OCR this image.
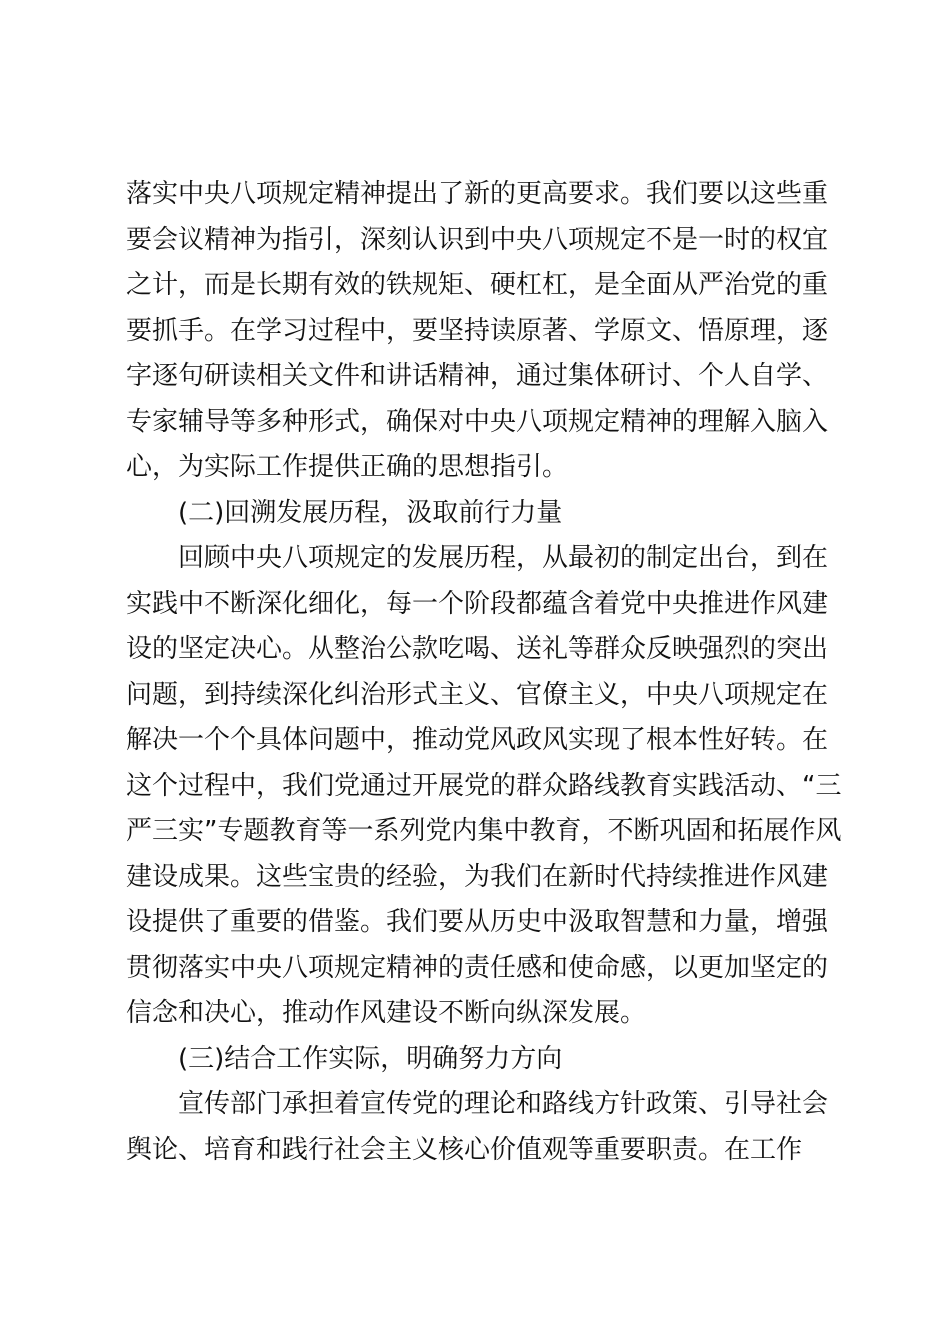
落实中央八项规定精神提出了新的更高要求。我们要以这些重
要会议精神为指引，深刻认识到中央八项规定不是一时的权宜
之计，而是长期有效的铁规矩、硬杠杠，是全面从严治党的重
要抓手。在学习过程中，要坚持读原著、学原文、悟原理，逐
字逐句研读相关文件和讲话精神，通过集体研讨、个人自学、
专家辅导等多种形式，确保对中央八项规定精神的理解入脑入
心，为实际工作提供正确的思想指引。
(二)回溯发展历程，汲取前行力量
回顾中央八项规定的发展历程，从最初的制定出台，到在
实践中不断深化细化，每一个阶段都蕴含着党中央推进作风建
设的坚定决心。从整治公款吃喝、送礼等群众反映强烈的突出
问题，到持续深化纠治形式主义、官僚主义，中央八项规定在
解决一个个具体问题中，推动党风政风实现了根本性好转。在
这个过程中，我们党通过开展党的群众路线教育实践活动、“三
严三实”专题教育等一系列党内集中教育，不断巩固和拓展作风
建设成果。这些宝贵的经验，为我们在新时代持续推进作风建
设提供了重要的借鉴。我们要从历史中汲取智慧和力量，增强
贯彻落实中央八项规定精神的责任感和使命感，以更加坚定的
信念和决心，推动作风建设不断向纵深发展。
(三)结合工作实际，明确努力方向
宣传部门承担着宣传党的理论和路线方针政策、引导社会
舆论、培育和践行社会主义核心价值观等重要职责。在工作
